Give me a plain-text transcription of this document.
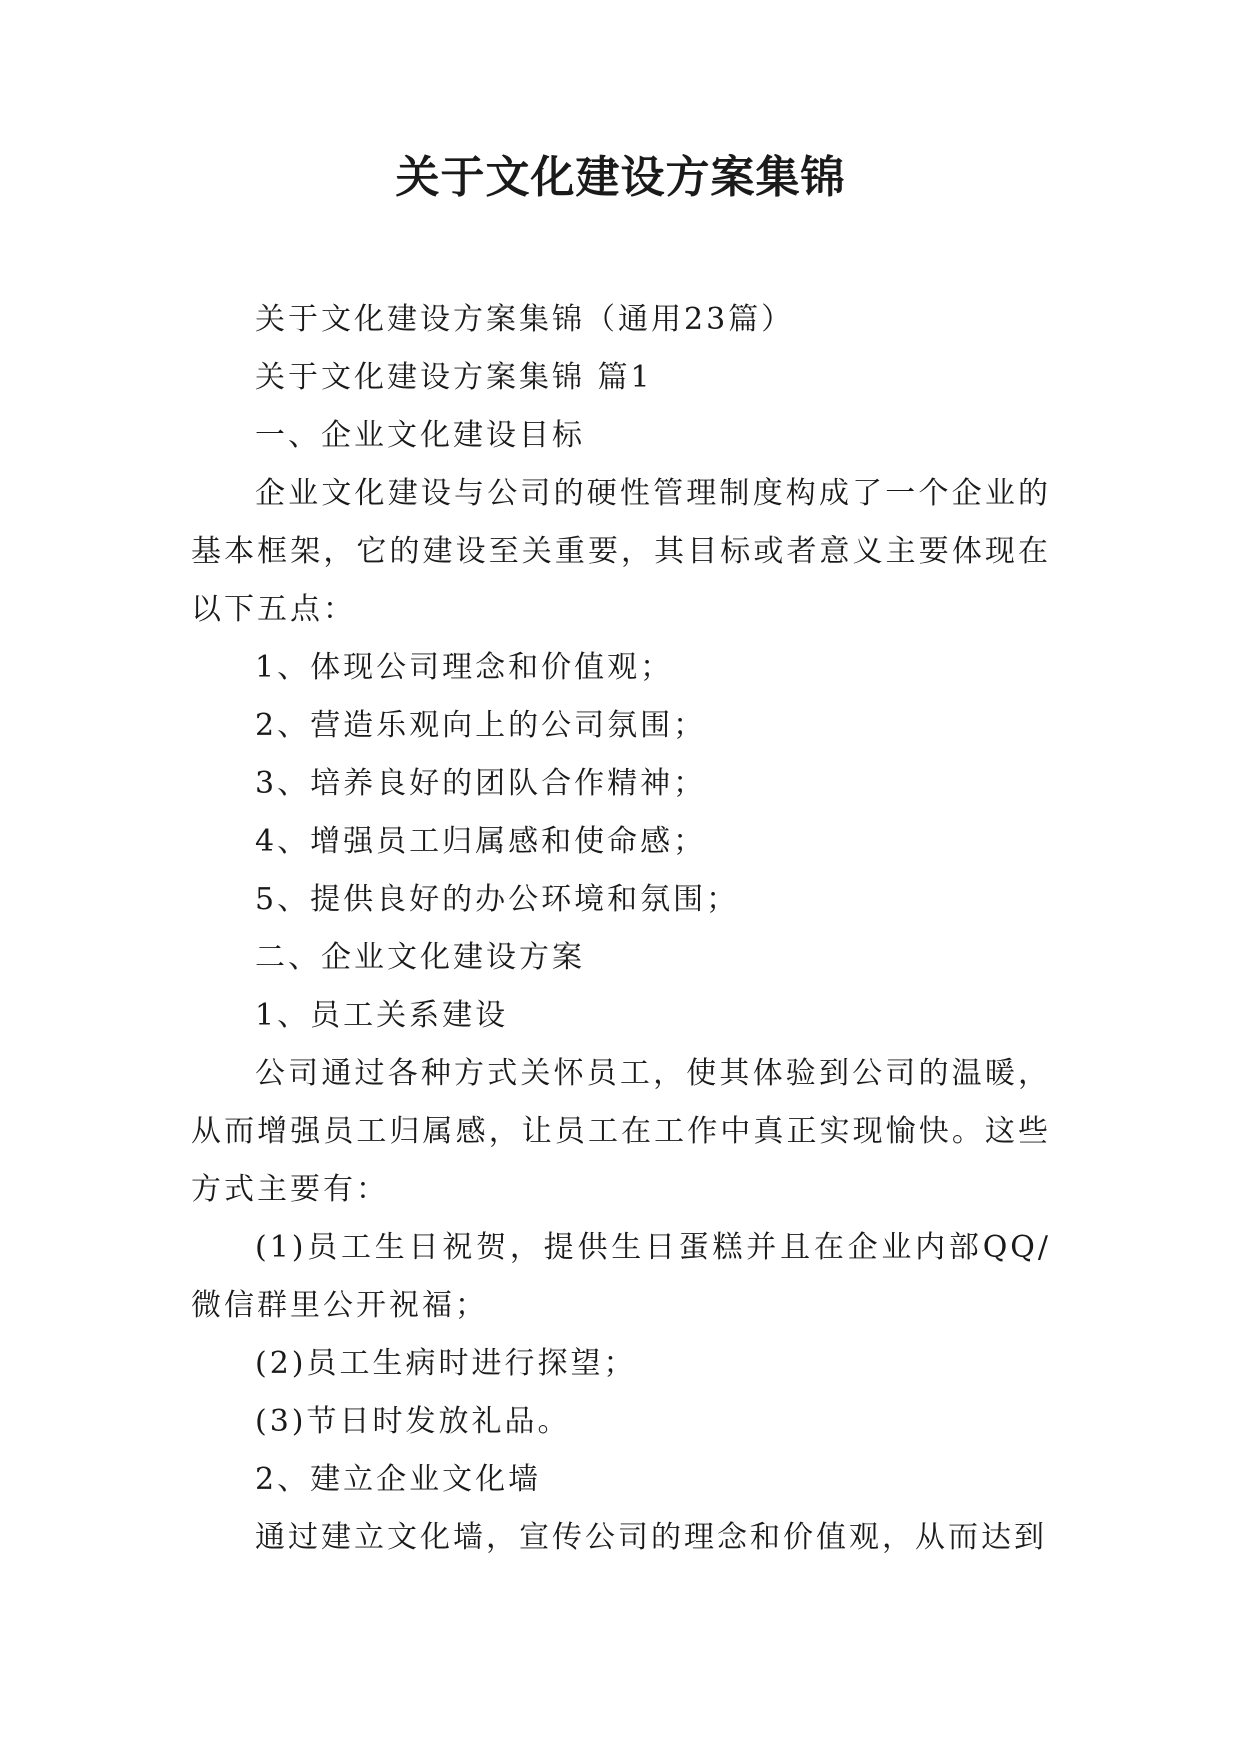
关于文化建设方案集锦

关于文化建设方案集锦（通用23篇）

关于文化建设方案集锦 篇1

一、企业文化建设目标

企业文化建设与公司的硬性管理制度构成了一个企业的基本框架，它的建设至关重要，其目标或者意义主要体现在以下五点：

1、体现公司理念和价值观；

2、营造乐观向上的公司氛围；

3、培养良好的团队合作精神；

4、增强员工归属感和使命感；

5、提供良好的办公环境和氛围；

二、企业文化建设方案

1、员工关系建设

公司通过各种方式关怀员工，使其体验到公司的温暖，从而增强员工归属感，让员工在工作中真正实现愉快。这些方式主要有：

(1)员工生日祝贺，提供生日蛋糕并且在企业内部QQ/微信群里公开祝福；

(2)员工生病时进行探望；

(3)节日时发放礼品。

2、建立企业文化墙

通过建立文化墙，宣传公司的理念和价值观，从而达到
